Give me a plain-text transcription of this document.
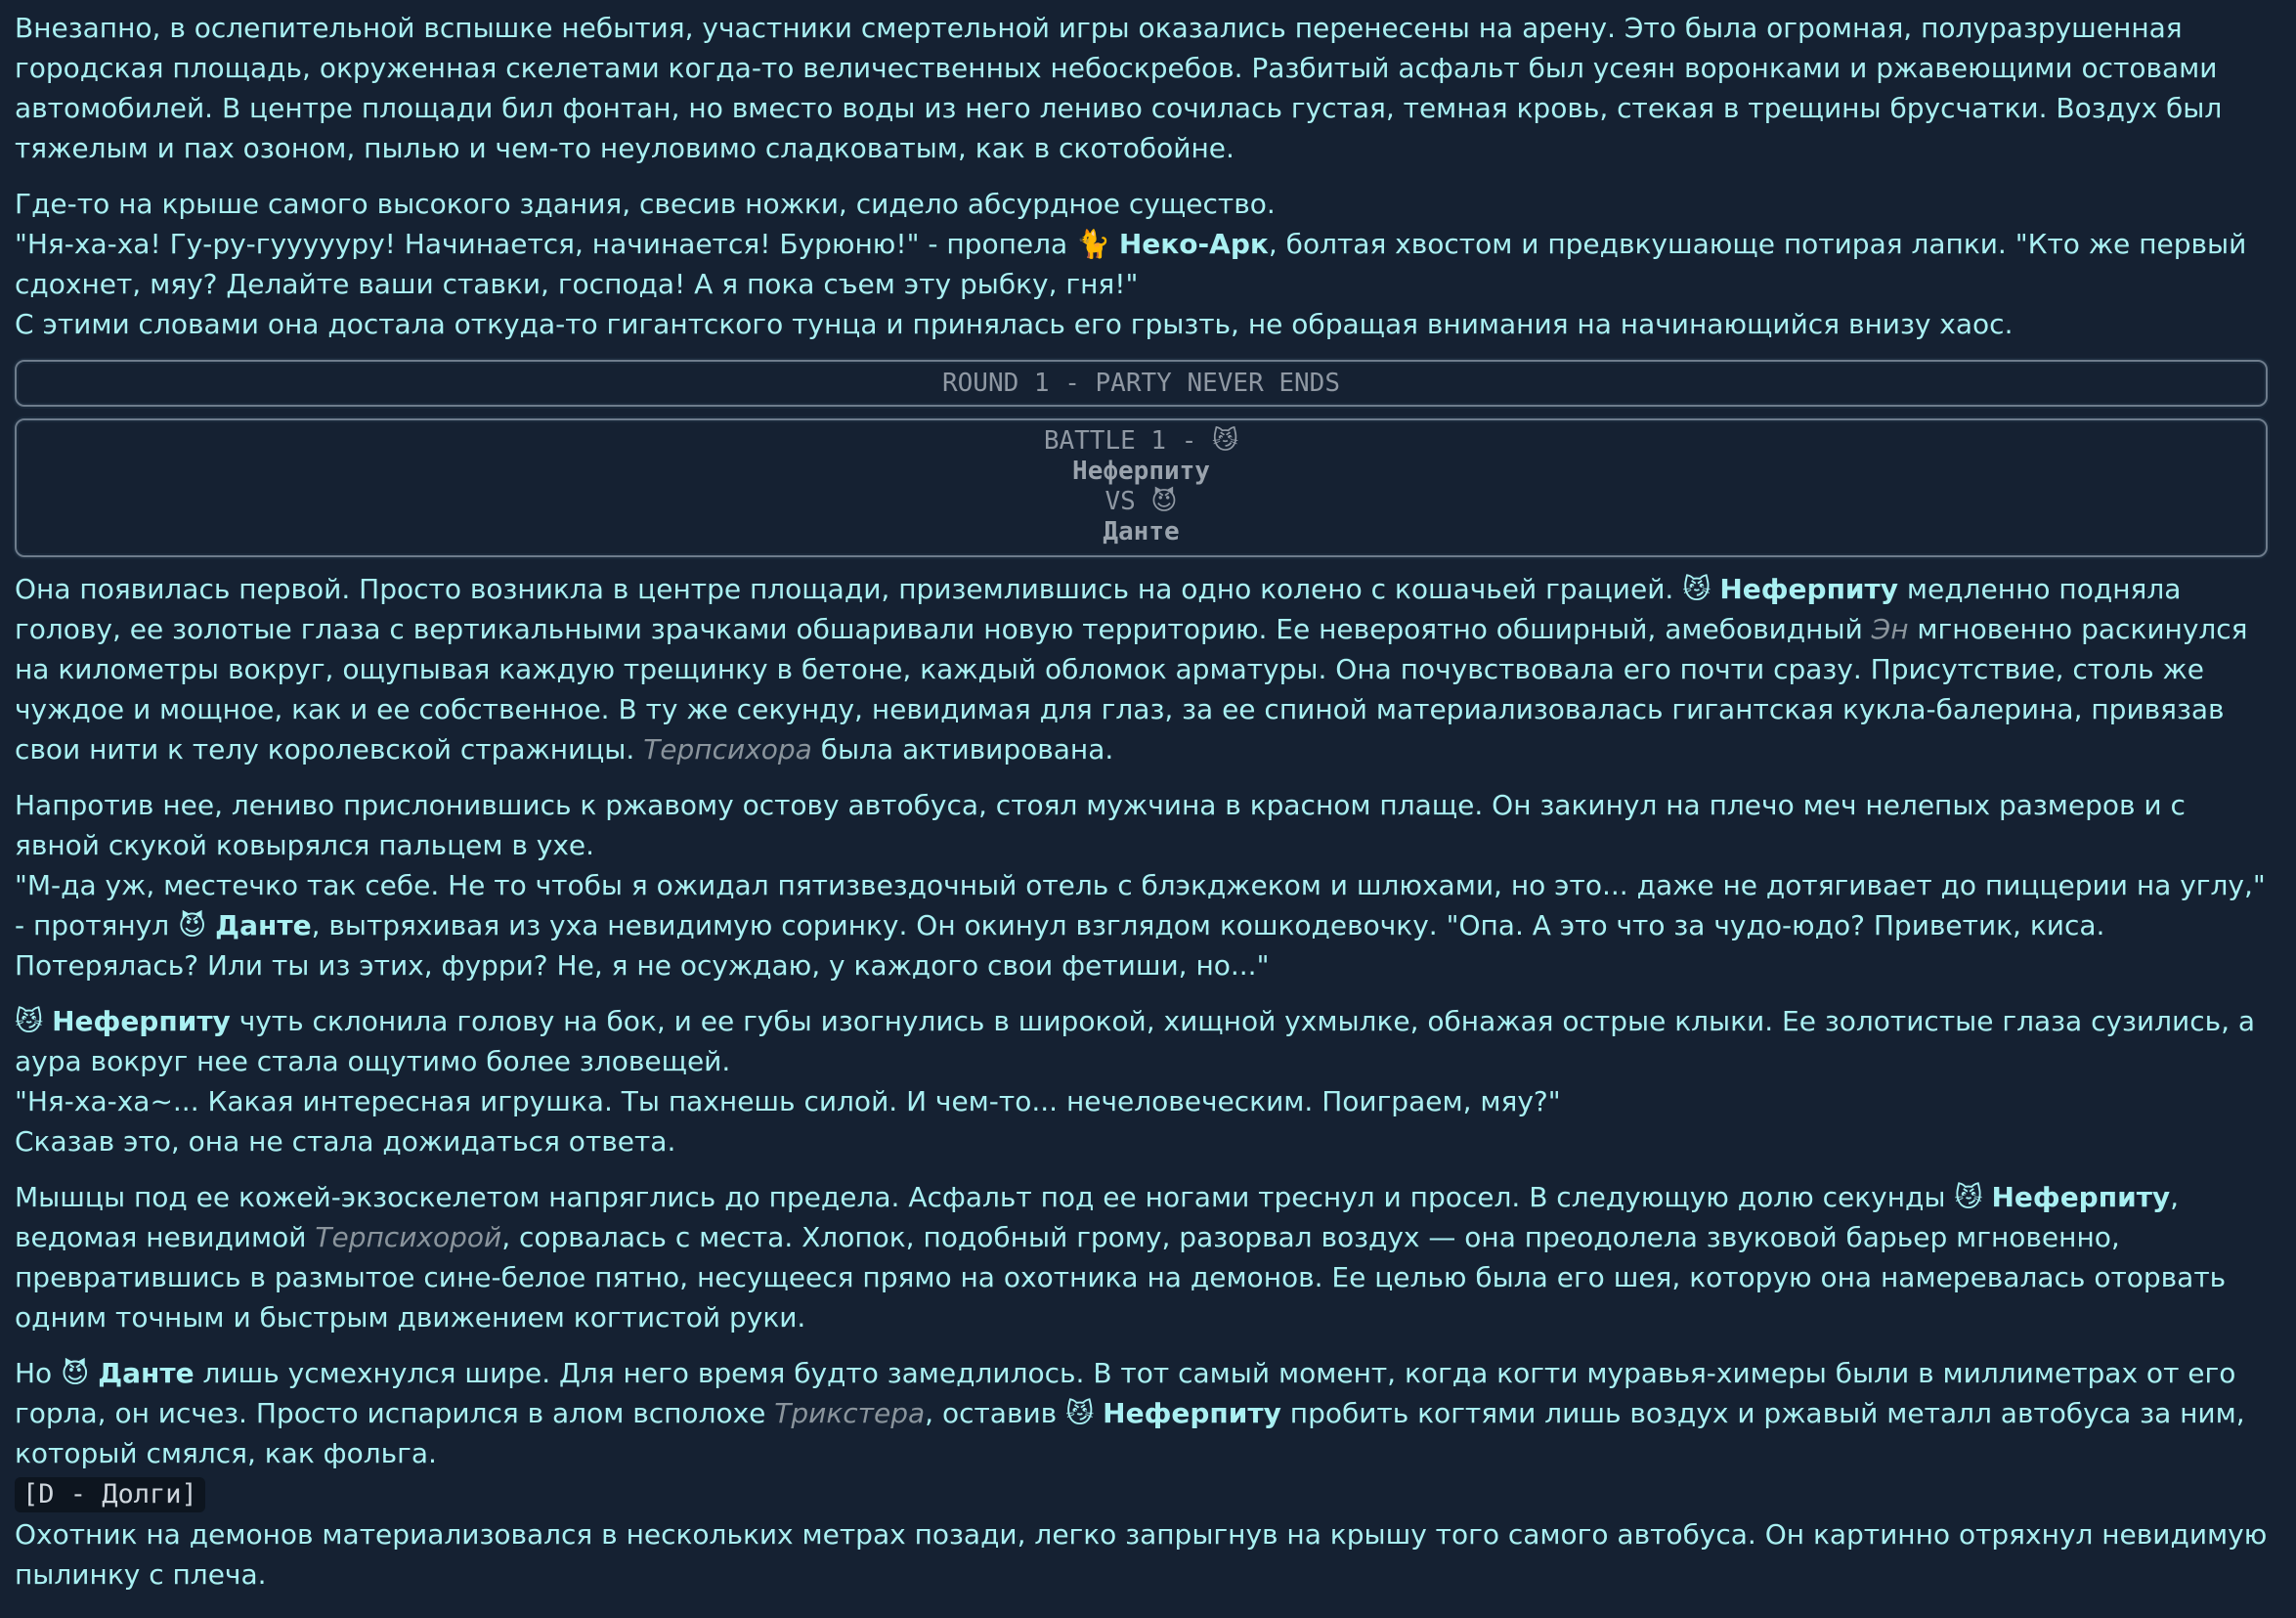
Внезапно, в ослепительной вспышке небытия, участники смертельной игры оказались перенесены на арену. Это была огромная, полуразрушенная городская площадь, окруженная скелетами когда-то величественных небоскребов. Разбитый асфальт был усеян воронками и ржавеющими остовами автомобилей. В центре площади бил фонтан, но вместо воды из него лениво сочилась густая, темная кровь, стекая в трещины брусчатки. Воздух был тяжелым и пах озоном, пылью и чем-то неуловимо сладковатым, как в скотобойне.

Где-то на крыше самого высокого здания, свесив ножки, сидело абсурдное существо.
"Ня-ха-ха! Гу-ру-гуууууру! Начинается, начинается! Бурюню!" - пропела 🐈 Неко-Арк, болтая хвостом и предвкушающе потирая лапки. "Кто же первый сдохнет, мяу? Делайте ваши ставки, господа! А я пока съем эту рыбку, гня!"
С этими словами она достала откуда-то гигантского тунца и принялась его грызть, не обращая внимания на начинающийся внизу хаос.

ROUND 1 - PARTY NEVER ENDS
BATTLE 1 - 😼
Неферпиту
VS 😈
Данте

Она появилась первой. Просто возникла в центре площади, приземлившись на одно колено с кошачьей грацией. 😼 Неферпиту медленно подняла голову, ее золотые глаза с вертикальными зрачками обшаривали новую территорию. Ее невероятно обширный, амебовидный Эн мгновенно раскинулся на километры вокруг, ощупывая каждую трещинку в бетоне, каждый обломок арматуры. Она почувствовала его почти сразу. Присутствие, столь же чуждое и мощное, как и ее собственное. В ту же секунду, невидимая для глаз, за ее спиной материализовалась гигантская кукла-балерина, привязав свои нити к телу королевской стражницы. Терпсихора была активирована.

Напротив нее, лениво прислонившись к ржавому остову автобуса, стоял мужчина в красном плаще. Он закинул на плечо меч нелепых размеров и с явной скукой ковырялся пальцем в ухе.
"М-да уж, местечко так себе. Не то чтобы я ожидал пятизвездочный отель с блэкджеком и шлюхами, но это... даже не дотягивает до пиццерии на углу," - протянул 😈 Данте, вытряхивая из уха невидимую соринку. Он окинул взглядом кошкодевочку. "Опа. А это что за чудо-юдо? Приветик, киса. Потерялась? Или ты из этих, фурри? Не, я не осуждаю, у каждого свои фетиши, но..."

😼 Неферпиту чуть склонила голову на бок, и ее губы изогнулись в широкой, хищной ухмылке, обнажая острые клыки. Ее золотистые глаза сузились, а аура вокруг нее стала ощутимо более зловещей.
"Ня-ха-ха~... Какая интересная игрушка. Ты пахнешь силой. И чем-то... нечеловеческим. Поиграем, мяу?"
Сказав это, она не стала дожидаться ответа.

Мышцы под ее кожей-экзоскелетом напряглись до предела. Асфальт под ее ногами треснул и просел. В следующую долю секунды 😼 Неферпиту, ведомая невидимой Терпсихорой, сорвалась с места. Хлопок, подобный грому, разорвал воздух — она преодолела звуковой барьер мгновенно, превратившись в размытое сине-белое пятно, несущееся прямо на охотника на демонов. Ее целью была его шея, которую она намеревалась оторвать одним точным и быстрым движением когтистой руки.

Но 😈 Данте лишь усмехнулся шире. Для него время будто замедлилось. В тот самый момент, когда когти муравья-химеры были в миллиметрах от его горла, он исчез. Просто испарился в алом всполохе Трикстера, оставив 😼 Неферпиту пробить когтями лишь воздух и ржавый металл автобуса за ним, который смялся, как фольга.

[D - Долги]

Охотник на демонов материализовался в нескольких метрах позади, легко запрыгнув на крышу того самого автобуса. Он картинно отряхнул невидимую пылинку с плеча.
